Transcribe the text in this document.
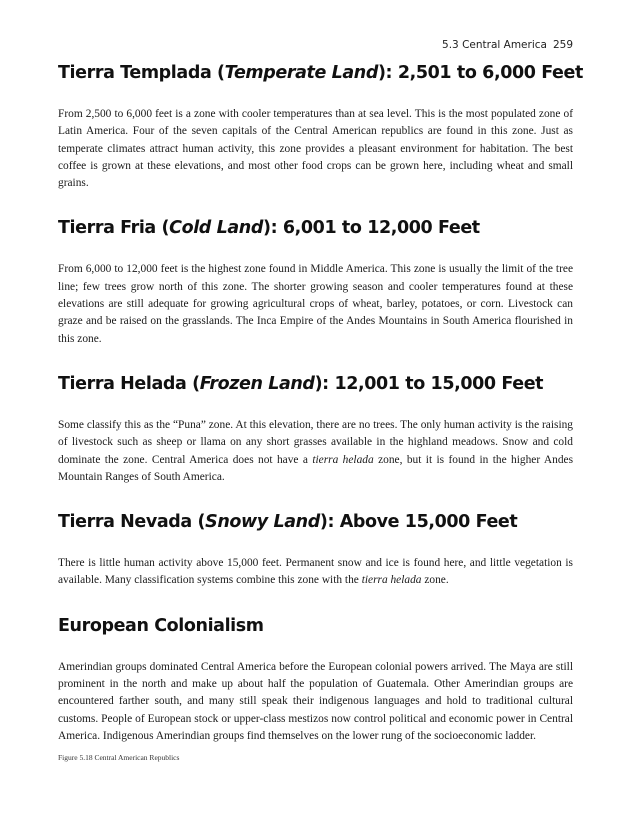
5.3 Central America 259
Tierra Templada (Temperate Land): 2,501 to 6,000 Feet

From 2,500 to 6,000 feet is a zone with cooler temperatures than at sea level. This is the most populated zone of Latin America. Four of the seven capitals of the Central American republics are found in this zone. Just as temperate climates attract human activity, this zone provides a pleasant environment for habitation. The best coffee is grown at these elevations, and most other food crops can be grown here, including wheat and small grains.

Tierra Fria (Cold Land): 6,001 to 12,000 Feet

From 6,000 to 12,000 feet is the highest zone found in Middle America. This zone is usually the limit of the tree line; few trees grow north of this zone. The shorter growing season and cooler temperatures found at these elevations are still adequate for growing agricultural crops of wheat, barley, potatoes, or corn. Livestock can graze and be raised on the grasslands. The Inca Empire of the Andes Mountains in South America flourished in this zone.

Tierra Helada (Frozen Land): 12,001 to 15,000 Feet

Some classify this as the “Puna” zone. At this elevation, there are no trees. The only human activity is the raising of livestock such as sheep or llama on any short grasses available in the highland meadows. Snow and cold dominate the zone. Central America does not have a tierra helada zone, but it is found in the higher Andes Mountain Ranges of South America.

Tierra Nevada (Snowy Land): Above 15,000 Feet

There is little human activity above 15,000 feet. Permanent snow and ice is found here, and little vegetation is available. Many classification systems combine this zone with the tierra helada zone.

European Colonialism

Amerindian groups dominated Central America before the European colonial powers arrived. The Maya are still prominent in the north and make up about half the population of Guatemala. Other Amerindian groups are encountered farther south, and many still speak their indigenous languages and hold to traditional cultural customs. People of European stock or upper-class mestizos now control political and economic power in Central America. Indigenous Amerindian groups find themselves on the lower rung of the socioeconomic ladder.

Figure 5.18 Central American Republics
